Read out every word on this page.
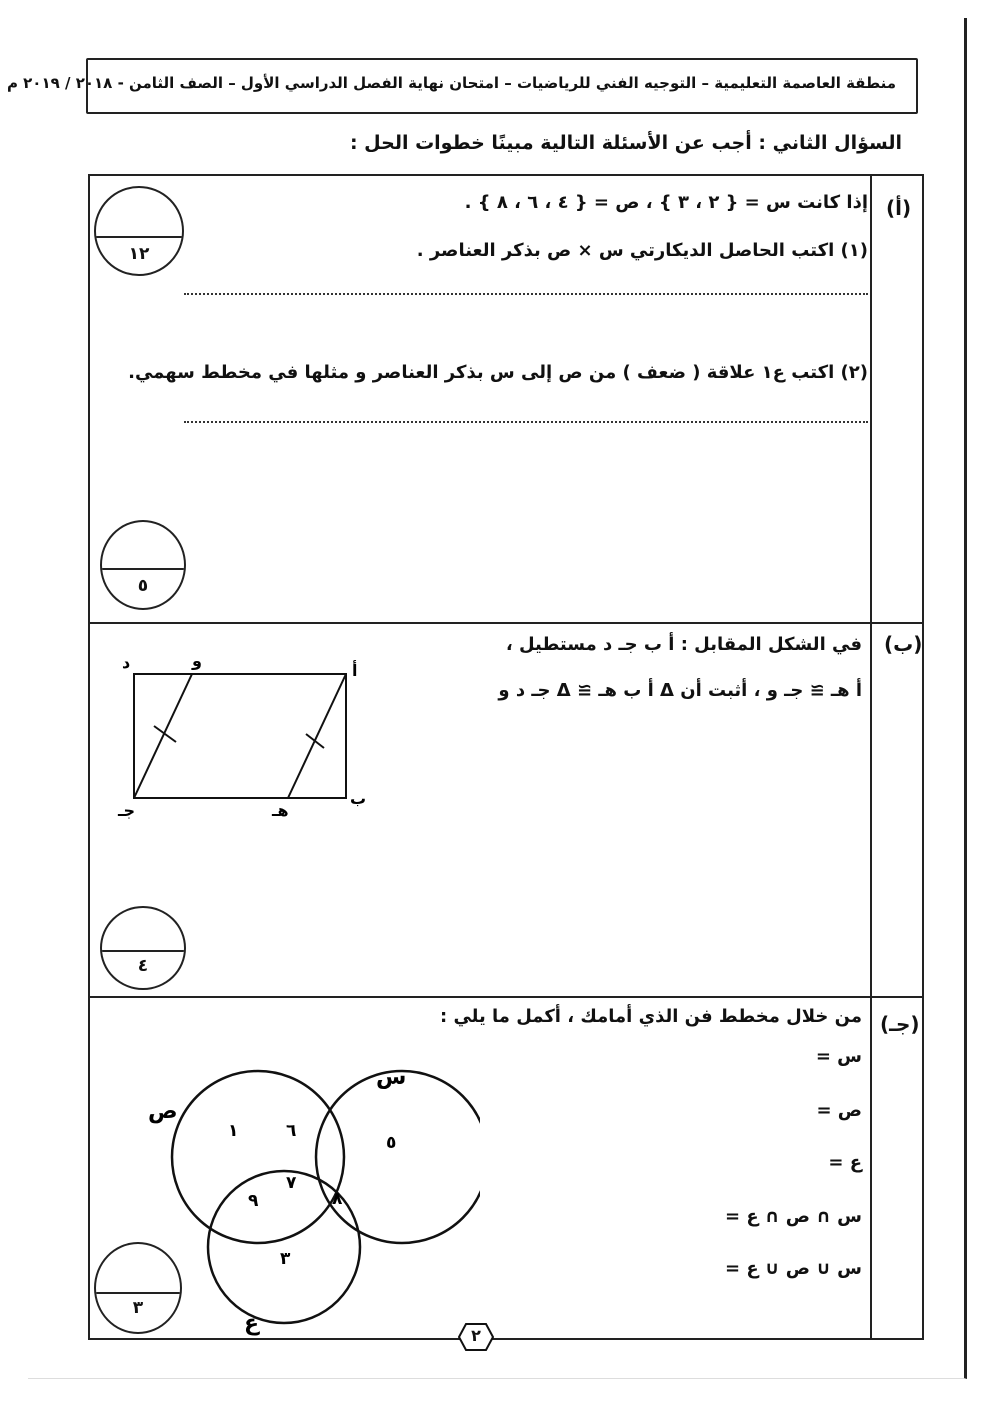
منطقة العاصمة التعليمية – التوجيه الفني للرياضيات – امتحان نهاية الفصل الدراسي الأول – الصف الثامن - ٢٠١٨ / ٢٠١٩ م
السؤال الثاني : أجب عن الأسئلة التالية مبينًا خطوات الحل :
(أ)
إذا كانت س = { ٢ ، ٣ } ، ص = { ٤ ، ٦ ، ٨ } .
(١) اكتب الحاصل الديكارتي س × ص بذكر العناصر .
(٢) اكتب ع١ علاقة ( ضعف ) من ص إلى س بذكر العناصر و مثلها في مخطط سهمي.
١٢
٥
(ب)
في الشكل المقابل : أ ب جـ د مستطيل ،
أ هـ ≅ جـ و ، أثبت أن Δ أ ب هـ ≅ Δ جـ د و
أ
ب
جـ
د
هـ
و
٤
(جـ)
من خلال مخطط فن الذي أمامك ، أكمل ما يلي :
س =
ص =
ع =
س ∩ ص ∩ ع =
س ∪ ص ∪ ع =
س
ص
ع
١	٦
٥
٧
٩	٨
٣
٣
٢
